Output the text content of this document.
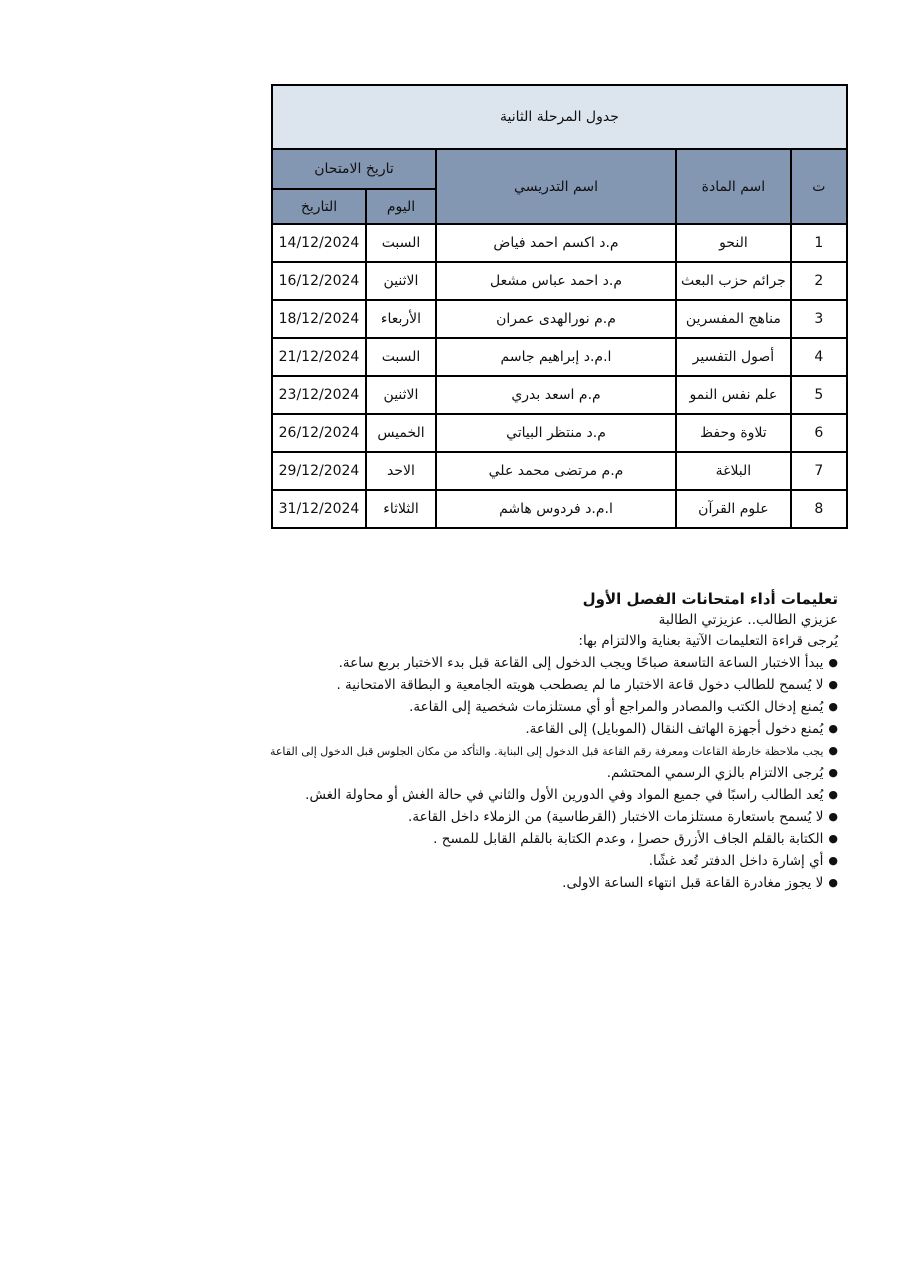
جدول المرحلة الثانية				
ت	اسم المادة	اسم التدريسي	تاريخ الامتحان	
			اليوم	التاريخ
1	النحو	م.د اكسم احمد فياض	السبت	14/12/2024
2	جرائم حزب البعث	م.د احمد عباس مشعل	الاثنين	16/12/2024
3	مناهج المفسرين	م.م نورالهدى عمران	الأربعاء	18/12/2024
4	أصول التفسير	ا.م.د إبراهيم جاسم	السبت	21/12/2024
5	علم نفس النمو	م.م اسعد بدري	الاثنين	23/12/2024
6	تلاوة وحفظ	م.د منتظر البياتي	الخميس	26/12/2024
7	البلاغة	م.م مرتضى محمد علي	الاحد	29/12/2024
8	علوم القرآن	ا.م.د فردوس هاشم	الثلاثاء	31/12/2024
تعليمات أداء امتحانات الفصل الأول
عزيزي الطالب.. عزيزتي الطالبة
يُرجى قراءة التعليمات الآتية بعناية والالتزام بها:
●يبدأ الاختبار الساعة التاسعة صباحًا ويجب الدخول إلى القاعة قبل بدء الاختبار بربع ساعة.
●لا يُسمح للطالب دخول قاعة الاختبار ما لم يصطحب هويته الجامعية و البطاقة الامتحانية .
●يُمنع إدخال الكتب والمصادر والمراجع أو أي مستلزمات شخصية إلى القاعة.
●يُمنع دخول أجهزة الهاتف النقال (الموبايل) إلى القاعة.
●يجب ملاحظة خارطة القاعات ومعرفة رقم القاعة قبل الدخول إلى البناية. والتأكد من مكان الجلوس قبل الدخول إلى القاعة
●يُرجى الالتزام بالزي الرسمي المحتشم.
●يُعد الطالب راسبًا في جميع المواد وفي الدورين الأول والثاني في حالة الغش أو محاولة الغش.
●لا يُسمح باستعارة مستلزمات الاختبار (القرطاسية) من الزملاء داخل القاعة.
●الكتابة بالقلم الجاف الأزرق حصراٍ ، وعدم الكتابة بالقلم القابل للمسح .
●أي إشارة داخل الدفتر تُعد غشًا.
●لا يجوز مغادرة القاعة قبل انتهاء الساعة الاولى.
